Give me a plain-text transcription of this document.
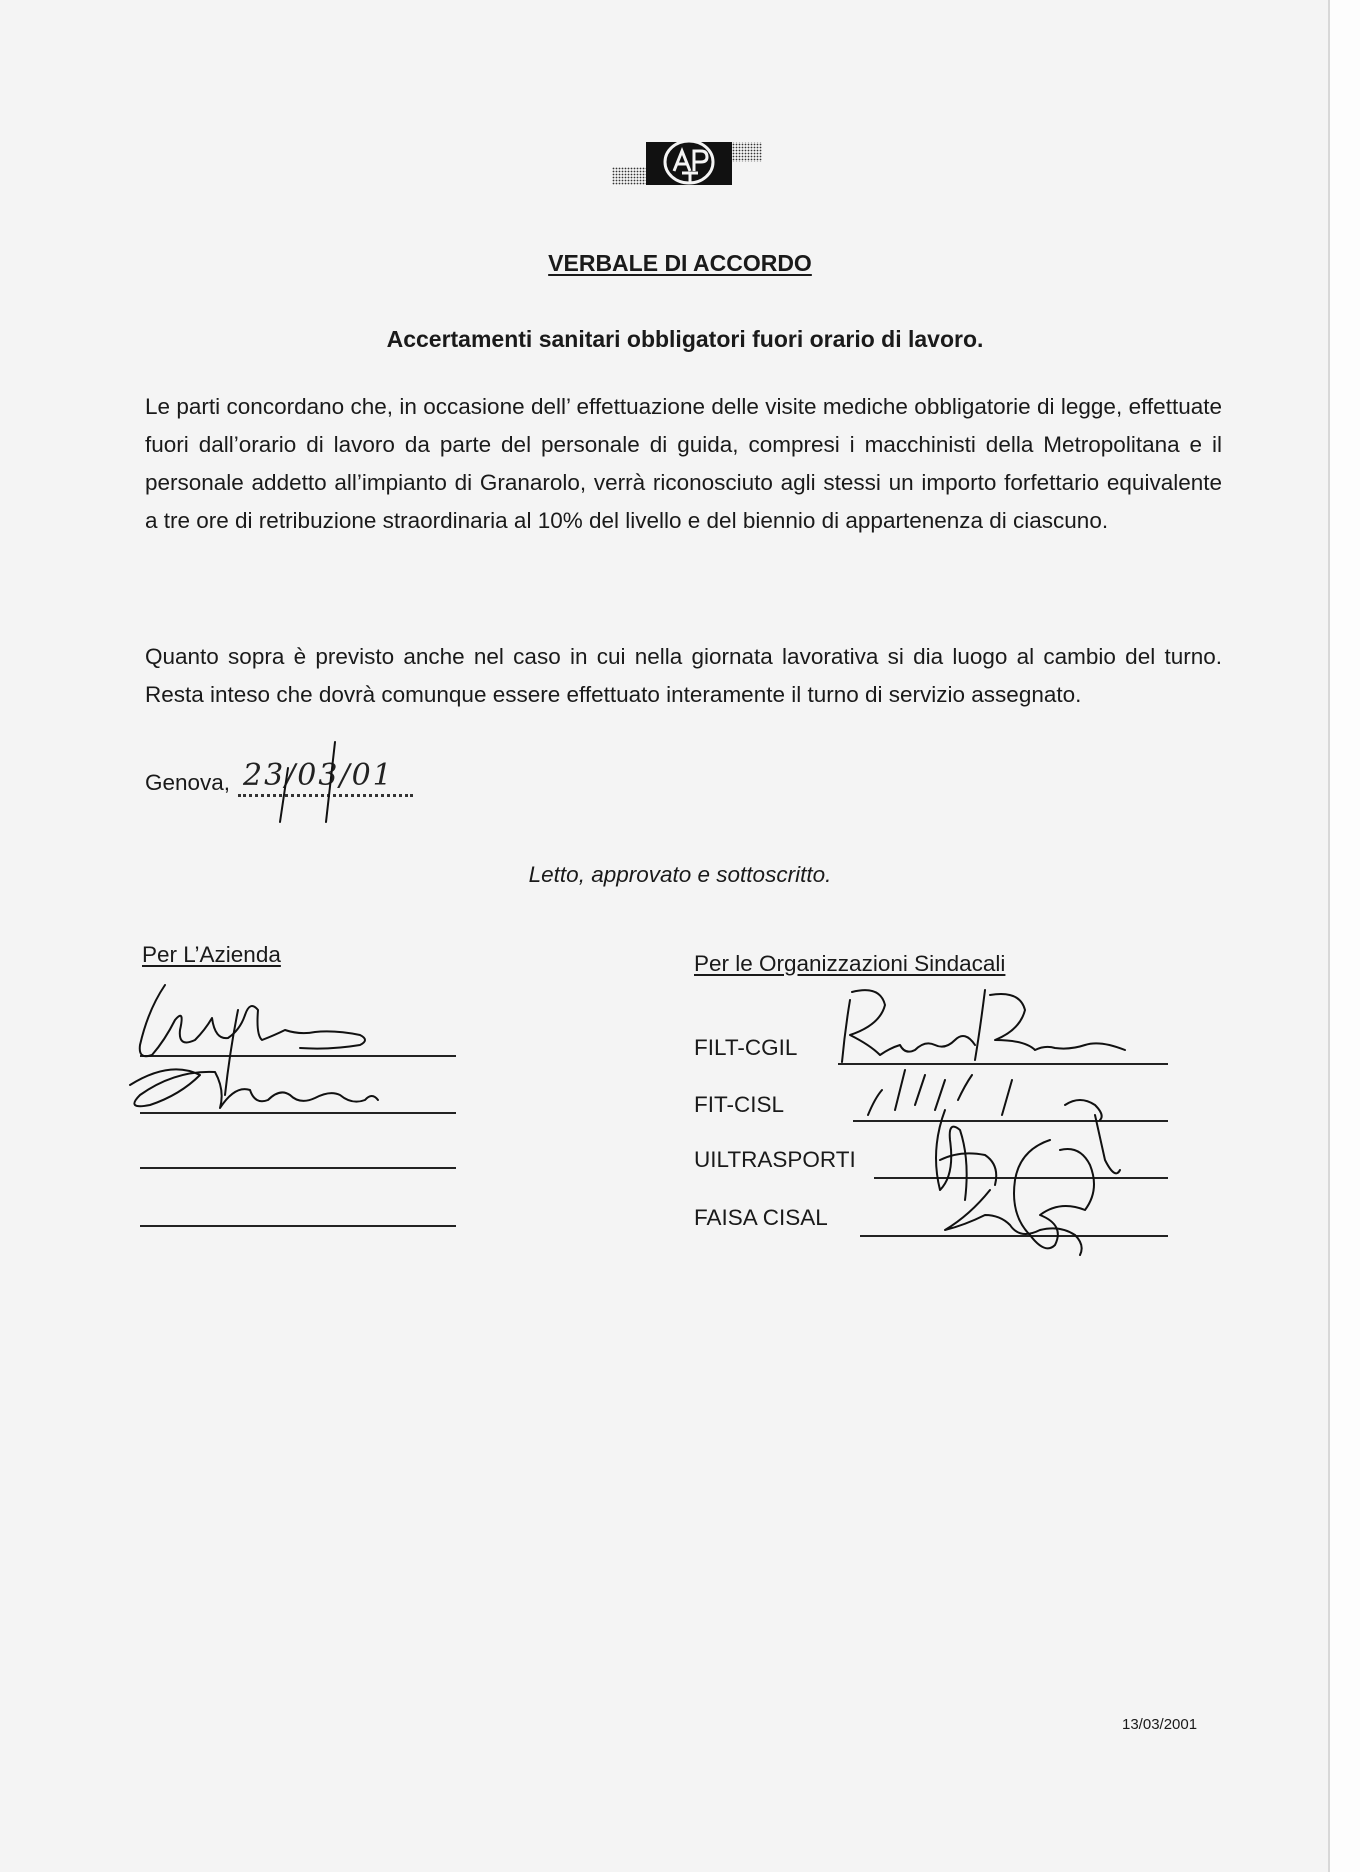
VERBALE DI ACCORDO
Accertamenti sanitari obbligatori fuori orario di lavoro.
Le parti concordano che, in occasione dell’ effettuazione delle visite mediche obbligatorie di legge, effettuate fuori dall’orario di lavoro da parte del personale di guida, compresi i macchinisti della Metropolitana e il personale addetto all’impianto di Granarolo, verrà riconosciuto agli stessi un importo forfettario equivalente a tre ore di retribuzione straordinaria al 10% del livello e del biennio di appartenenza di ciascuno.
Quanto sopra è previsto anche nel caso in cui nella giornata lavorativa si dia luogo al cambio del turno. Resta inteso che dovrà comunque essere effettuato interamente il turno di servizio assegnato.
Genova, 23/03/01
Letto, approvato e sottoscritto.
Per L’Azienda	Per le Organizzazioni Sindacali
FILT-CGIL
FIT-CISL
UILTRASPORTI
FAISA CISAL
13/03/2001
